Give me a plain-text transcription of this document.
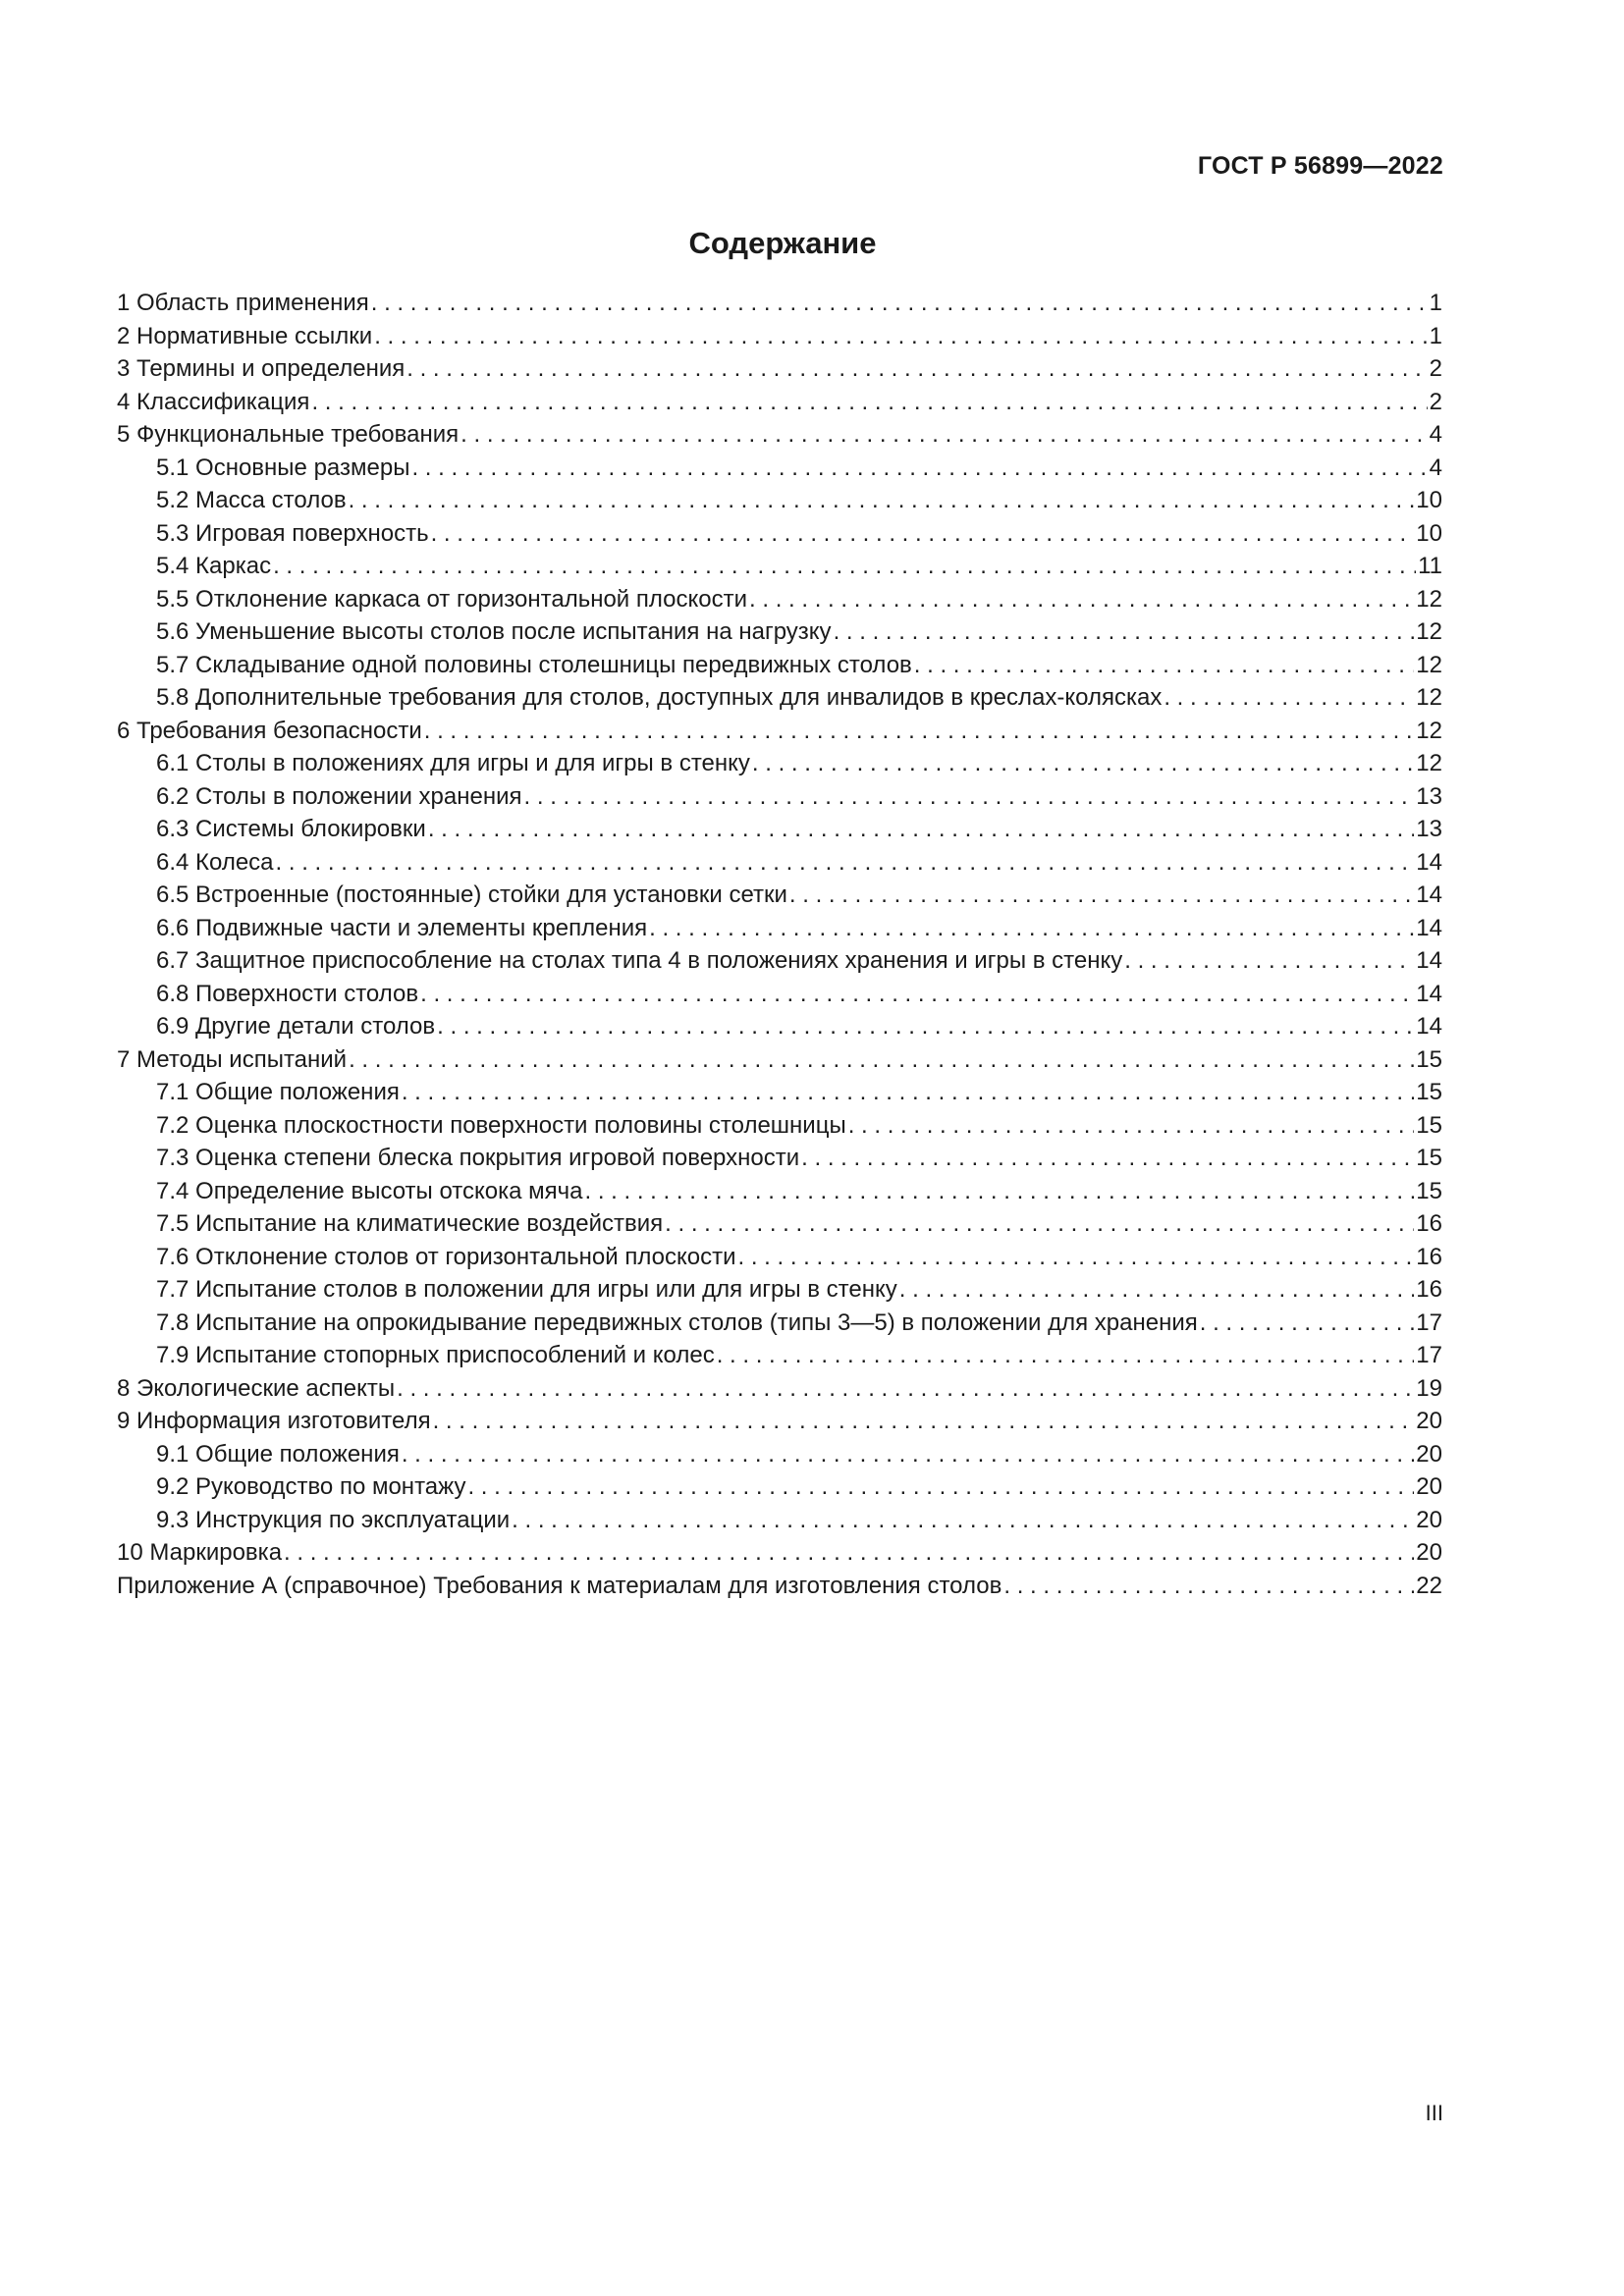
ГОСТ Р 56899—2022
Содержание
1 Область применения . . .	1
2 Нормативные ссылки . . .	1
3 Термины и определения . . .	2
4 Классификация . . .	2
5 Функциональные требования . . .	4
5.1 Основные размеры . . .	4
5.2 Масса столов . . .	10
5.3 Игровая поверхность . . .	10
5.4 Каркас . . .	11
5.5 Отклонение каркаса от горизонтальной плоскости . . .	12
5.6 Уменьшение высоты столов после испытания на нагрузку . . .	12
5.7 Складывание одной половины столешницы передвижных столов . . .	12
5.8 Дополнительные требования для столов, доступных для инвалидов в креслах-колясках . . .	12
6 Требования безопасности . . .	12
6.1 Столы в положениях для игры и для игры в стенку . . .	12
6.2 Столы в положении хранения . . .	13
6.3 Системы блокировки . . .	13
6.4 Колеса . . .	14
6.5 Встроенные (постоянные) стойки для установки сетки . . .	14
6.6 Подвижные части и элементы крепления . . .	14
6.7 Защитное приспособление на столах типа 4 в положениях хранения и игры в стенку . . .	14
6.8 Поверхности столов . . .	14
6.9 Другие детали столов . . .	14
7 Методы испытаний . . .	15
7.1 Общие положения . . .	15
7.2 Оценка плоскостности поверхности половины столешницы . . .	15
7.3 Оценка степени блеска покрытия игровой поверхности . . .	15
7.4 Определение высоты отскока мяча . . .	15
7.5 Испытание на климатические воздействия . . .	16
7.6 Отклонение столов от горизонтальной плоскости . . .	16
7.7 Испытание столов в положении для игры или для игры в стенку . . .	16
7.8 Испытание на опрокидывание передвижных столов (типы 3—5) в положении для хранения . . .	17
7.9 Испытание стопорных приспособлений и колес . . .	17
8 Экологические аспекты . . .	19
9 Информация изготовителя . . .	20
9.1 Общие положения . . .	20
9.2 Руководство по монтажу . . .	20
9.3 Инструкция по эксплуатации . . .	20
10 Маркировка . . .	20
Приложение А (справочное) Требования к материалам для изготовления столов . . .	22
III
